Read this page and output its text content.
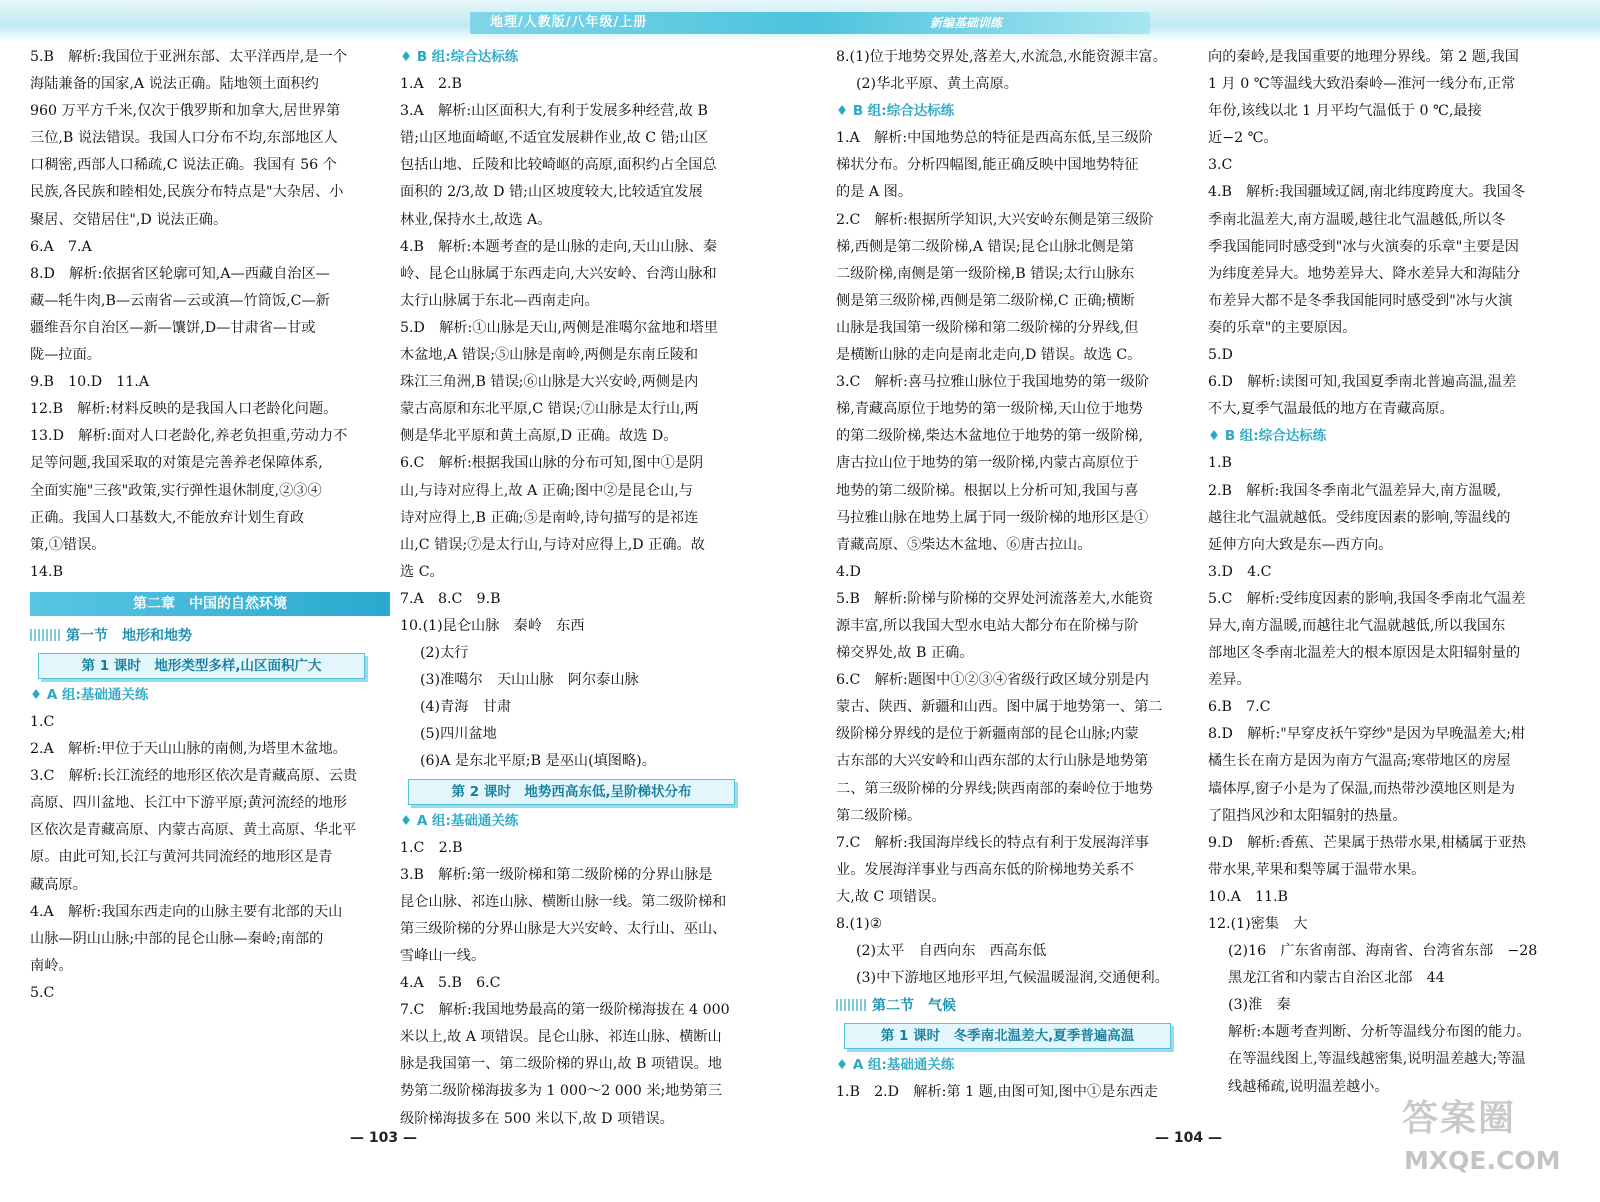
地理/人教版/八年级/上册	新编基础训练

5.B　解析:我国位于亚洲东部、太平洋西岸,是一个

海陆兼备的国家,A 说法正确。陆地领土面积约

960 万平方千米,仅次于俄罗斯和加拿大,居世界第

三位,B 说法错误。我国人口分布不均,东部地区人

口稠密,西部人口稀疏,C 说法正确。我国有 56 个

民族,各民族和睦相处,民族分布特点是"大杂居、小

聚居、交错居住",D 说法正确。

6.A　7.A

8.D　解析:依据省区轮廓可知,A—西藏自治区—

藏—牦牛肉,B—云南省—云或滇—竹筒饭,C—新

疆维吾尔自治区—新—馕饼,D—甘肃省—甘或

陇—拉面。

9.B　10.D　11.A

12.B　解析:材料反映的是我国人口老龄化问题。

13.D　解析:面对人口老龄化,养老负担重,劳动力不

足等问题,我国采取的对策是完善养老保障体系,

全面实施"三孩"政策,实行弹性退休制度,②③④

正确。我国人口基数大,不能放弃计划生育政

策,①错误。

14.B

第二章　中国的自然环境
第一节　地形和地势
第 1 课时　地形类型多样,山区面积广大

♦ A 组:基础通关练

1.C

2.A　解析:甲位于天山山脉的南侧,为塔里木盆地。

3.C　解析:长江流经的地形区依次是青藏高原、云贵

高原、四川盆地、长江中下游平原;黄河流经的地形

区依次是青藏高原、内蒙古高原、黄土高原、华北平

原。由此可知,长江与黄河共同流经的地形区是青

藏高原。

4.A　解析:我国东西走向的山脉主要有北部的天山

山脉—阴山山脉;中部的昆仑山脉—秦岭;南部的

南岭。

5.C

♦ B 组:综合达标练

1.A　2.B

3.A　解析:山区面积大,有利于发展多种经营,故 B

错;山区地面崎岖,不适宜发展耕作业,故 C 错;山区

包括山地、丘陵和比较崎岖的高原,面积约占全国总

面积的 2/3,故 D 错;山区坡度较大,比较适宜发展

林业,保持水土,故选 A。

4.B　解析:本题考查的是山脉的走向,天山山脉、秦

岭、昆仑山脉属于东西走向,大兴安岭、台湾山脉和

太行山脉属于东北—西南走向。

5.D　解析:①山脉是天山,两侧是准噶尔盆地和塔里

木盆地,A 错误;⑤山脉是南岭,两侧是东南丘陵和

珠江三角洲,B 错误;⑥山脉是大兴安岭,两侧是内

蒙古高原和东北平原,C 错误;⑦山脉是太行山,两

侧是华北平原和黄土高原,D 正确。故选 D。

6.C　解析:根据我国山脉的分布可知,图中①是阴

山,与诗对应得上,故 A 正确;图中②是昆仑山,与

诗对应得上,B 正确;⑤是南岭,诗句描写的是祁连

山,C 错误;⑦是太行山,与诗对应得上,D 正确。故

选 C。

7.A　8.C　9.B

10.(1)昆仑山脉　秦岭　东西

(2)太行

(3)准噶尔　天山山脉　阿尔泰山脉

(4)青海　甘肃

(5)四川盆地

(6)A 是东北平原;B 是巫山(填图略)。

第 2 课时　地势西高东低,呈阶梯状分布

♦ A 组:基础通关练

1.C　2.B

3.B　解析:第一级阶梯和第二级阶梯的分界山脉是

昆仑山脉、祁连山脉、横断山脉一线。第二级阶梯和

第三级阶梯的分界山脉是大兴安岭、太行山、巫山、

雪峰山一线。

4.A　5.B　6.C

7.C　解析:我国地势最高的第一级阶梯海拔在 4 000

米以上,故 A 项错误。昆仑山脉、祁连山脉、横断山

脉是我国第一、第二级阶梯的界山,故 B 项错误。地

势第二级阶梯海拔多为 1 000～2 000 米;地势第三

级阶梯海拔多在 500 米以下,故 D 项错误。

8.(1)位于地势交界处,落差大,水流急,水能资源丰富。

(2)华北平原、黄土高原。

♦ B 组:综合达标练

1.A　解析:中国地势总的特征是西高东低,呈三级阶

梯状分布。分析四幅图,能正确反映中国地势特征

的是 A 图。

2.C　解析:根据所学知识,大兴安岭东侧是第三级阶

梯,西侧是第二级阶梯,A 错误;昆仑山脉北侧是第

二级阶梯,南侧是第一级阶梯,B 错误;太行山脉东

侧是第三级阶梯,西侧是第二级阶梯,C 正确;横断

山脉是我国第一级阶梯和第二级阶梯的分界线,但

是横断山脉的走向是南北走向,D 错误。故选 C。

3.C　解析:喜马拉雅山脉位于我国地势的第一级阶

梯,青藏高原位于地势的第一级阶梯,天山位于地势

的第二级阶梯,柴达木盆地位于地势的第一级阶梯,

唐古拉山位于地势的第一级阶梯,内蒙古高原位于

地势的第二级阶梯。根据以上分析可知,我国与喜

马拉雅山脉在地势上属于同一级阶梯的地形区是①

青藏高原、⑤柴达木盆地、⑥唐古拉山。

4.D

5.B　解析:阶梯与阶梯的交界处河流落差大,水能资

源丰富,所以我国大型水电站大都分布在阶梯与阶

梯交界处,故 B 正确。

6.C　解析:题图中①②③④省级行政区域分别是内

蒙古、陕西、新疆和山西。图中属于地势第一、第二

级阶梯分界线的是位于新疆南部的昆仑山脉;内蒙

古东部的大兴安岭和山西东部的太行山脉是地势第

二、第三级阶梯的分界线;陕西南部的秦岭位于地势

第二级阶梯。

7.C　解析:我国海岸线长的特点有利于发展海洋事

业。发展海洋事业与西高东低的阶梯地势关系不

大,故 C 项错误。

8.(1)②

(2)太平　自西向东　西高东低

(3)中下游地区地形平坦,气候温暖湿润,交通便利。

第二节　气候
第 1 课时　冬季南北温差大,夏季普遍高温

♦ A 组:基础通关练

1.B　2.D　解析:第 1 题,由图可知,图中①是东西走

向的秦岭,是我国重要的地理分界线。第 2 题,我国

1 月 0 ℃等温线大致沿秦岭—淮河一线分布,正常

年份,该线以北 1 月平均气温低于 0 ℃,最接

近−2 ℃。

3.C

4.B　解析:我国疆域辽阔,南北纬度跨度大。我国冬

季南北温差大,南方温暖,越往北气温越低,所以冬

季我国能同时感受到"冰与火演奏的乐章"主要是因

为纬度差异大。地势差异大、降水差异大和海陆分

布差异大都不是冬季我国能同时感受到"冰与火演

奏的乐章"的主要原因。

5.D

6.D　解析:读图可知,我国夏季南北普遍高温,温差

不大,夏季气温最低的地方在青藏高原。

♦ B 组:综合达标练

1.B

2.B　解析:我国冬季南北气温差异大,南方温暖,

越往北气温就越低。受纬度因素的影响,等温线的

延伸方向大致是东—西方向。

3.D　4.C

5.C　解析:受纬度因素的影响,我国冬季南北气温差

异大,南方温暖,而越往北气温就越低,所以我国东

部地区冬季南北温差大的根本原因是太阳辐射量的

差异。

6.B　7.C

8.D　解析:"早穿皮袄午穿纱"是因为早晚温差大;柑

橘生长在南方是因为南方气温高;寒带地区的房屋

墙体厚,窗子小是为了保温,而热带沙漠地区则是为

了阻挡风沙和太阳辐射的热量。

9.D　解析:香蕉、芒果属于热带水果,柑橘属于亚热

带水果,苹果和梨等属于温带水果。

10.A　11.B

12.(1)密集　大

(2)16　广东省南部、海南省、台湾省东部　−28

黑龙江省和内蒙古自治区北部　44

(3)淮　秦

解析:本题考查判断、分析等温线分布图的能力。

在等温线图上,等温线越密集,说明温差越大;等温

线越稀疏,说明温差越小。

— 103 —	— 104 —	答案圈
MXQE.COM
